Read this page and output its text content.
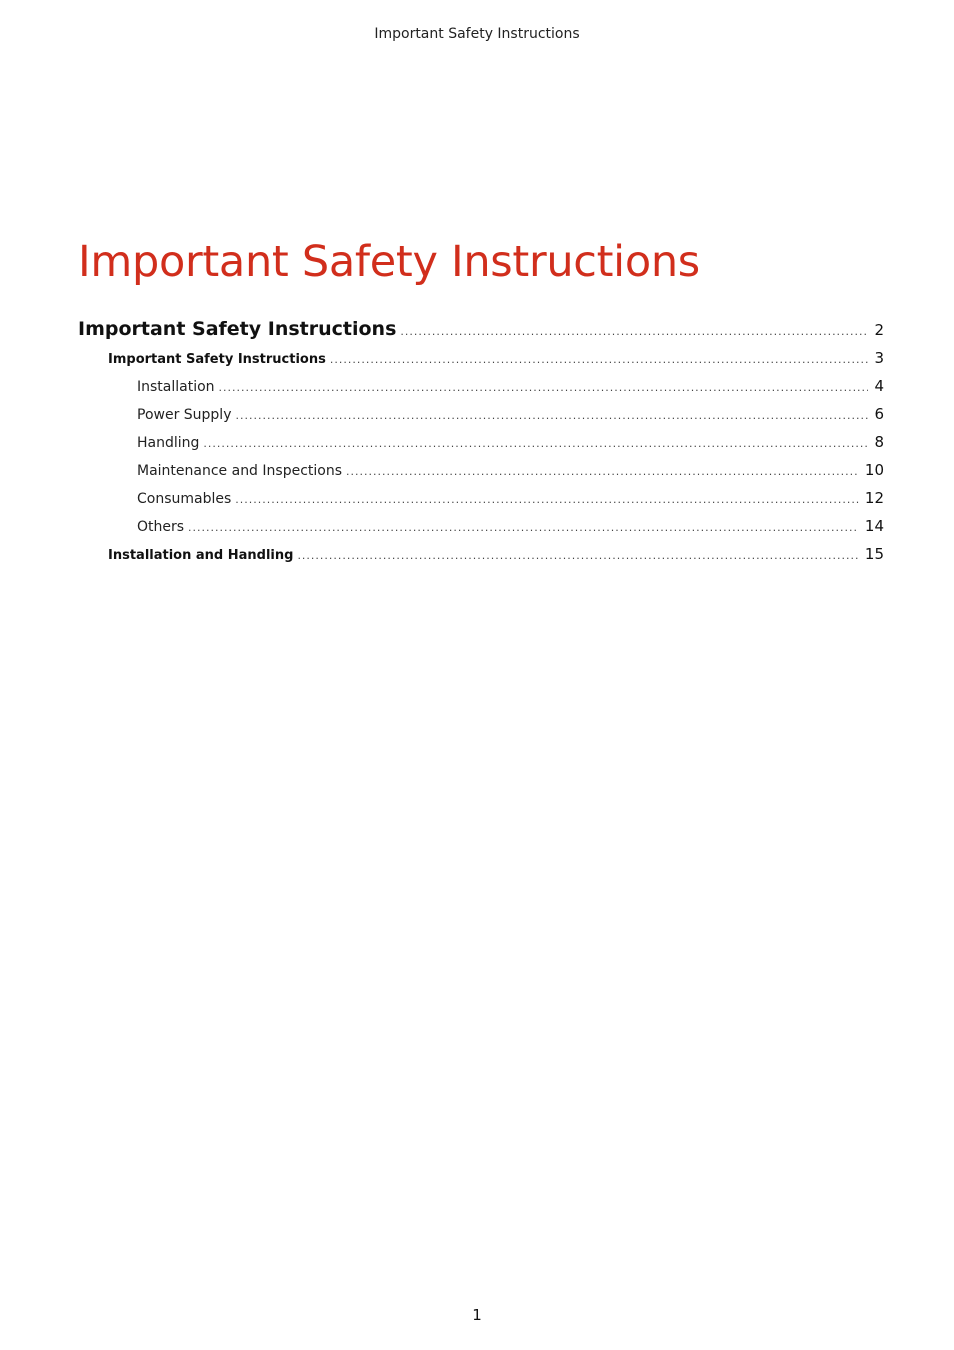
Important Safety Instructions
Important Safety Instructions
Important Safety Instructions .....	2
Important Safety Instructions .....	3
Installation .....	4
Power Supply .....	6
Handling .....	8
Maintenance and Inspections .....	10
Consumables .....	12
Others .....	14
Installation and Handling .....	15
1
